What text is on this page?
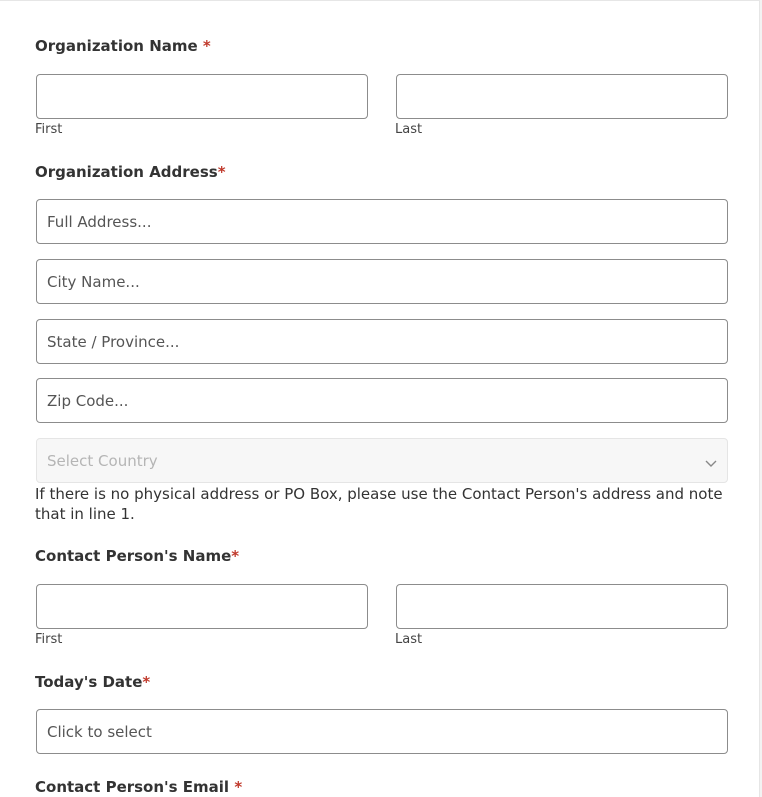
Organization Name *
First	Last
Organization Address*
Full Address...
City Name...
State / Province...
Zip Code...
Select Country
If there is no physical address or PO Box, please use the Contact Person's address and note that in line 1.
Contact Person's Name*
First	Last
Today's Date*
Click to select
Contact Person's Email *
